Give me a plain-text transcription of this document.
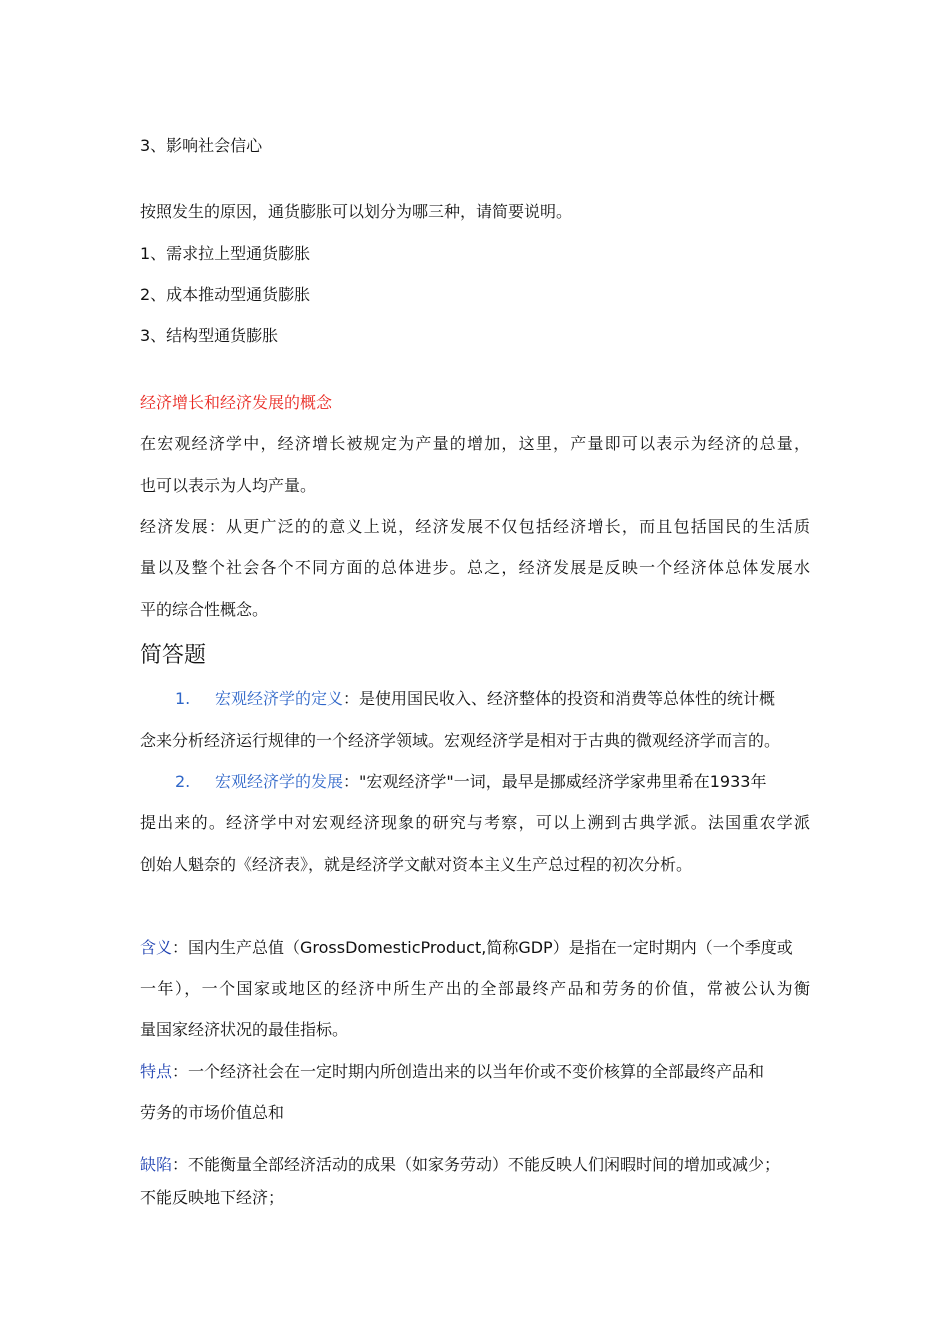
3、影响社会信心
按照发生的原因，通货膨胀可以划分为哪三种，请简要说明。
1、需求拉上型通货膨胀
2、成本推动型通货膨胀
3、结构型通货膨胀
经济增长和经济发展的概念
在宏观经济学中，经济增长被规定为产量的增加，这里，产量即可以表示为经济的总量，
也可以表示为人均产量。
经济发展：从更广泛的的意义上说，经济发展不仅包括经济增长，而且包括国民的生活质
量以及整个社会各个不同方面的总体进步。总之，经济发展是反映一个经济体总体发展水
平的综合性概念。
简答题
1. 宏观经济学的定义：是使用国民收入、经济整体的投资和消费等总体性的统计概
念来分析经济运行规律的一个经济学领域。宏观经济学是相对于古典的微观经济学而言的。
2. 宏观经济学的发展："宏观经济学"一词，最早是挪威经济学家弗里希在1933年
提出来的。经济学中对宏观经济现象的研究与考察，可以上溯到古典学派。法国重农学派
创始人魁奈的《经济表》，就是经济学文献对资本主义生产总过程的初次分析。
含义：国内生产总值（GrossDomesticProduct,简称GDP）是指在一定时期内（一个季度或
一年），一个国家或地区的经济中所生产出的全部最终产品和劳务的价值，常被公认为衡
量国家经济状况的最佳指标。
特点：一个经济社会在一定时期内所创造出来的以当年价或不变价核算的全部最终产品和
劳务的市场价值总和
缺陷：不能衡量全部经济活动的成果（如家务劳动）不能反映人们闲暇时间的增加或减少；
不能反映地下经济；
